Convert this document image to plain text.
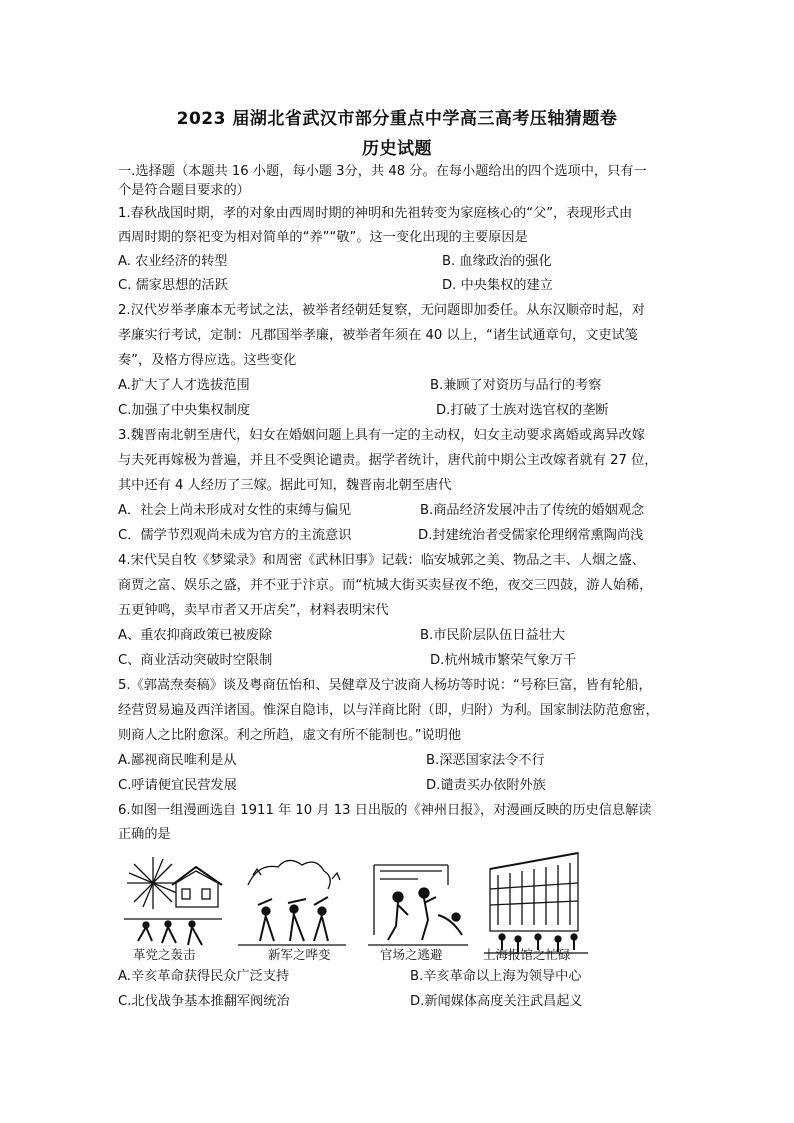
2023 届湖北省武汉市部分重点中学高三高考压轴猜题卷
历史试题
一.选择题（本题共 16 小题，每小题 3分，共 48 分。在每小题给出的四个选项中，只有一
个是符合题目要求的）
1.春秋战国时期，孝的对象由西周时期的神明和先祖转变为家庭核心的“父”，表现形式由
西周时期的祭祀变为相对简单的“养”“敬”。这一变化出现的主要原因是
A. 农业经济的转型	B. 血缘政治的强化
C. 儒家思想的活跃	D. 中央集权的建立
2.汉代岁举孝廉本无考试之法，被举者经朝廷复察，无问题即加委任。从东汉顺帝时起，对
孝廉实行考试，定制：凡郡国举孝廉，被举者年须在 40 以上，“诸生试通章句，文吏试笺
奏”，及格方得应选。这些变化
A.扩大了人才选拔范围	B.兼顾了对资历与品行的考察
C.加强了中央集权制度	D.打破了士族对选官权的垄断
3.魏晋南北朝至唐代，妇女在婚姻问题上具有一定的主动权，妇女主动要求离婚或离异改嫁
与夫死再嫁极为普遍，并且不受舆论谴责。据学者统计，唐代前中期公主改嫁者就有 27 位，
其中还有 4 人经历了三嫁。据此可知，魏晋南北朝至唐代
A．社会上尚未形成对女性的束缚与偏见	B.商品经济发展冲击了传统的婚姻观念
C．儒学节烈观尚未成为官方的主流意识	D.封建统治者受儒家伦理纲常熏陶尚浅
4.宋代吴自牧《梦粱录》和周密《武林旧事》记载：临安城郭之美、物品之丰、人烟之盛、
商贾之富、娱乐之盛，并不亚于汴京。而“杭城大街买卖昼夜不绝，夜交三四鼓，游人始稀，
五更钟鸣，卖早市者又开店矣”，材料表明宋代
A、重农抑商政策已被废除	B.市民阶层队伍日益壮大
C、商业活动突破时空限制	D.杭州城市繁荣气象万千
5.《郭嵩焘奏稿》谈及粤商伍怡和、吴健章及宁波商人杨坊等时说：“号称巨富，皆有轮船，
经营贸易遍及西洋诸国。惟深自隐讳，以与洋商比附（即，归附）为利。国家制法防范愈密，
则商人之比附愈深。利之所趋，虚文有所不能制也。”说明他
A.鄙视商民唯利是从	B.深恶国家法令不行
C.呼请便宜民营发展	D.谴责买办依附外族
6.如图一组漫画选自 1911 年 10 月 13 日出版的《神州日报》，对漫画反映的历史信息解读
正确的是
革党之轰击	新军之哗变	官场之逃避	上海报馆之忙碌
A.辛亥革命获得民众广泛支持	B.辛亥革命以上海为领导中心
C.北伐战争基本推翻军阀统治	D.新闻媒体高度关注武昌起义
